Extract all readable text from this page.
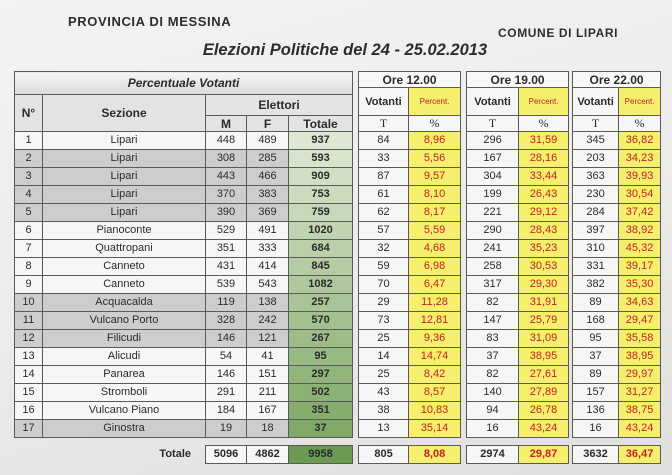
PROVINCIA DI MESSINA
COMUNE DI LIPARI
Elezioni Politiche del 24 - 25.02.2013
Percentuale Votanti						Ore 12.00			Ore 19.00			Ore 22.00	
						Votanti	Percent.		Votanti	Percent.		Votanti	Percent.
N°	Sezione	Elettori											
		M	F	Totale		T	%		T	%		T	%
1	Lipari	448	489	937		84	8,96		296	31,59		345	36,82
2	Lipari	308	285	593		33	5,56		167	28,16		203	34,23
3	Lipari	443	466	909		87	9,57		304	33,44		363	39,93
4	Lipari	370	383	753		61	8,10		199	26,43		230	30,54
5	Lipari	390	369	759		62	8,17		221	29,12		284	37,42
6	Pianoconte	529	491	1020		57	5,59		290	28,43		397	38,92
7	Quattropani	351	333	684		32	4,68		241	35,23		310	45,32
8	Canneto	431	414	845		59	6,98		258	30,53		331	39,17
9	Canneto	539	543	1082		70	6,47		317	29,30		382	35,30
10	Acquacalda	119	138	257		29	11,28		82	31,91		89	34,63
11	Vulcano Porto	328	242	570		73	12,81		147	25,79		168	29,47
12	Filicudi	146	121	267		25	9,36		83	31,09		95	35,58
13	Alicudi	54	41	95		14	14,74		37	38,95		37	38,95
14	Panarea	146	151	297		25	8,42		82	27,61		89	29,97
15	Stromboli	291	211	502		43	8,57		140	27,89		157	31,27
16	Vulcano Piano	184	167	351		38	10,83		94	26,78		136	38,75
17	Ginostra	19	18	37		13	35,14		16	43,24		16	43,24

Totale		5096	4862	9958		805	8,08		2974	29,87		3632	36,47
